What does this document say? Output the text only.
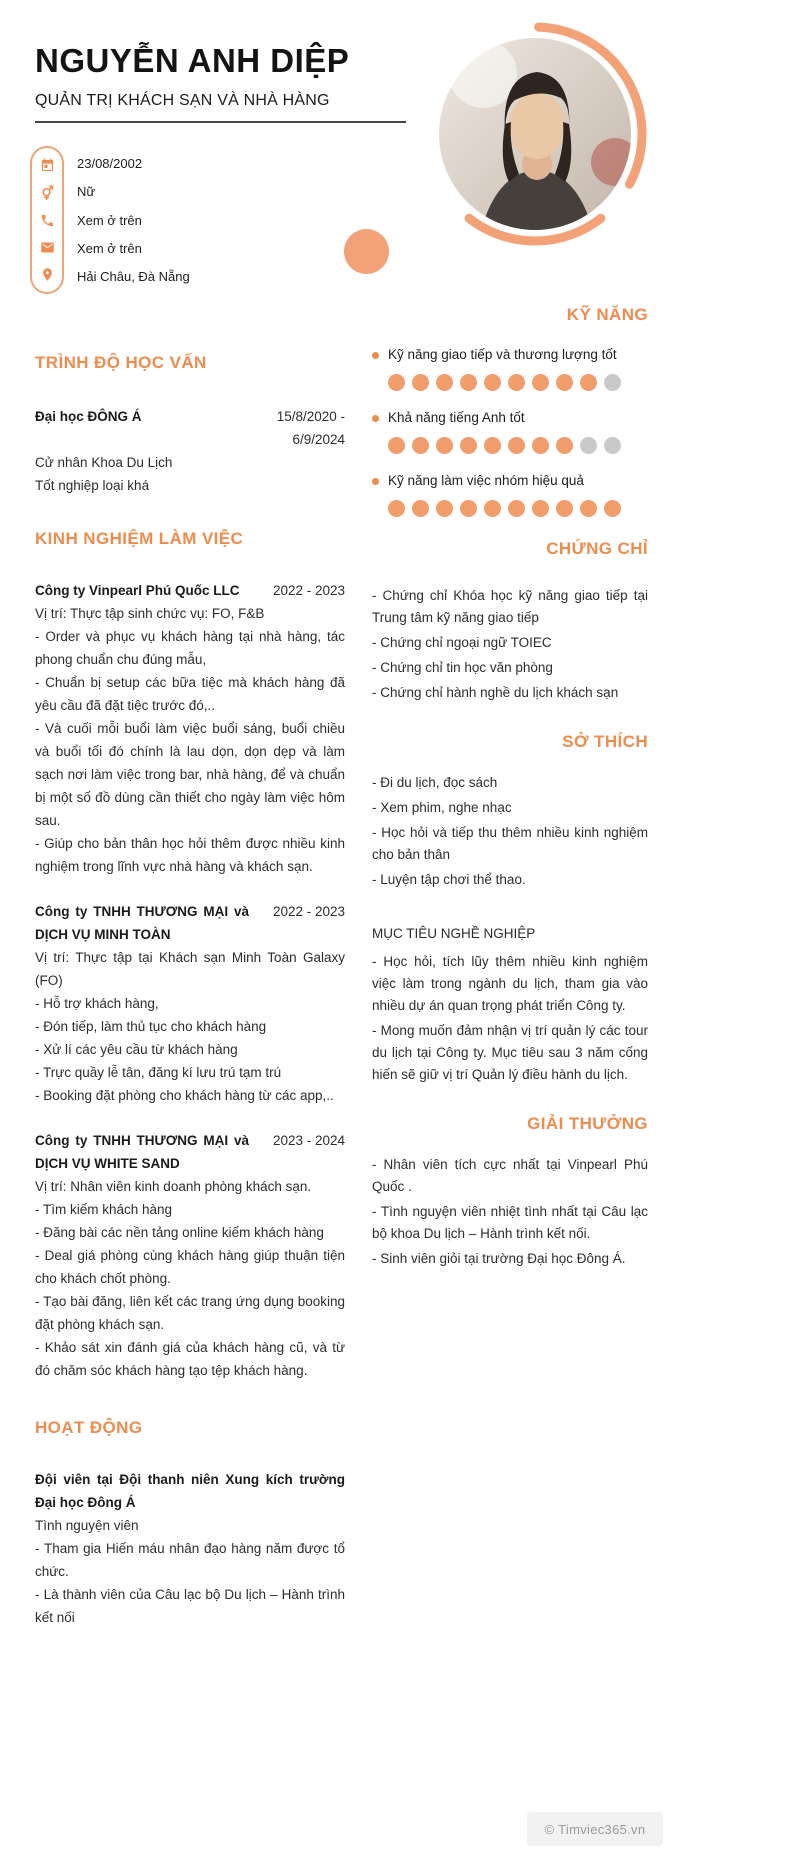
NGUYỄN ANH DIỆP
QUẢN TRỊ KHÁCH SẠN VÀ NHÀ HÀNG
23/08/2002
Nữ
Xem ở trên
Xem ở trên
Hải Châu, Đà Nẵng
TRÌNH ĐỘ HỌC VẤN
Đại học ĐÔNG Á	15/8/2020 - 6/9/2024

Cử nhân Khoa Du Lịch

Tốt nghiệp loại khá

KINH NGHIỆM LÀM VIỆC
Công ty Vinpearl Phú Quốc LLC	2022 - 2023

Vị trí: Thực tập sinh chức vụ: FO, F&B

- Order và phục vụ khách hàng tại nhà hàng, tác phong chuẩn chu đúng mẫu,

- Chuẩn bị setup các bữa tiệc mà khách hàng đã yêu cầu đã đặt tiệc trước đó,..

- Và cuối mỗi buổi làm việc buổi sáng, buổi chiều và buổi tối đó chính là lau dọn, dọn dẹp và làm sạch nơi làm việc trong bar, nhà hàng, để và chuẩn bị một số đồ dùng cần thiết cho ngày làm việc hôm sau.

- Giúp cho bản thân học hỏi thêm được nhiều kinh nghiệm trong lĩnh vực nhà hàng và khách sạn.

Công ty TNHH THƯƠNG MẠI và DỊCH VỤ MINH TOÀN
2022 - 2023

Vị trí: Thực tập tại Khách sạn Minh Toàn Galaxy (FO)

- Hỗ trợ khách hàng,

- Đón tiếp, làm thủ tục cho khách hàng

- Xử lí các yêu cầu từ khách hàng

- Trực quầy lễ tân, đăng kí lưu trú tạm trú

- Booking đặt phòng cho khách hàng từ các app,..

Công ty TNHH THƯƠNG MẠI và DỊCH VỤ WHITE SAND
2023 - 2024

Vị trí: Nhân viên kinh doanh phòng khách sạn.

- Tìm kiếm khách hàng

- Đăng bài các nền tảng online kiếm khách hàng

- Deal giá phòng cùng khách hàng giúp thuận tiện cho khách chốt phòng.

- Tạo bài đăng, liên kết các trang ứng dụng booking đặt phòng khách sạn.

- Khảo sát xin đánh giá của khách hàng cũ, và từ đó chăm sóc khách hàng tạo tệp khách hàng.

HOẠT ĐỘNG
Đội viên tại Đội thanh niên Xung kích trường Đại học Đông Á

Tình nguyện viên

- Tham gia Hiến máu nhân đạo hàng năm được tổ chức.

- Là thành viên của Câu lạc bộ Du lịch – Hành trình kết nối

KỸ NĂNG
Kỹ năng giao tiếp và thương lượng tốt
Khả năng tiếng Anh tốt
Kỹ năng làm việc nhóm hiệu quả
CHỨNG CHỈ

- Chứng chỉ Khóa học kỹ năng giao tiếp tại Trung tâm kỹ năng giao tiếp

- Chứng chỉ ngoại ngữ TOIEC

- Chứng chỉ tin học văn phòng

- Chứng chỉ hành nghề du lịch khách sạn

SỞ THÍCH

- Đi du lịch, đọc sách

- Xem phim, nghe nhạc

- Học hỏi và tiếp thu thêm nhiều kinh nghiệm cho bản thân

- Luyện tập chơi thể thao.

MỤC TIÊU NGHỀ NGHIỆP

- Học hỏi, tích lũy thêm nhiều kinh nghiệm việc làm trong ngành du lịch, tham gia vào nhiều dự án quan trọng phát triển Công ty.

- Mong muốn đảm nhận vị trí quản lý các tour du lịch tại Công ty. Mục tiêu sau 3 năm cống hiến sẽ giữ vị trí Quản lý điều hành du lịch.

GIẢI THƯỞNG

- Nhân viên tích cực nhất tại Vinpearl Phú Quốc .

- Tình nguyện viên nhiệt tình nhất tại Câu lạc bộ khoa Du lịch – Hành trình kết nối.

- Sinh viên giỏi tại trường Đại học Đông Á.

© Timviec365.vn
